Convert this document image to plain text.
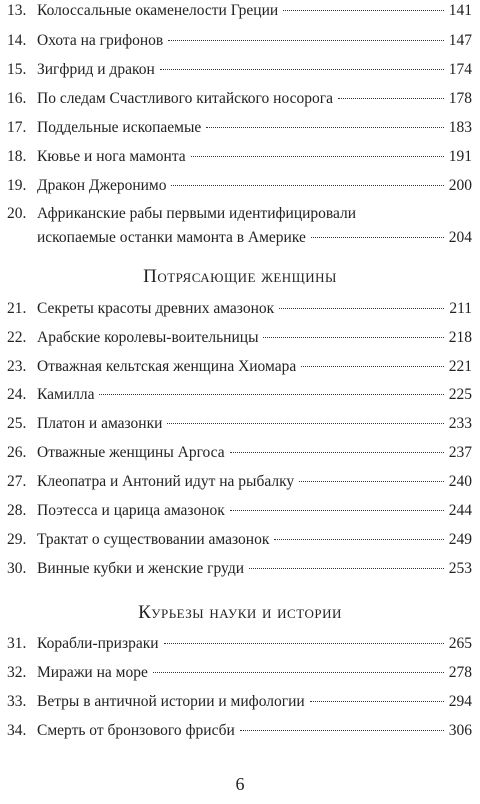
13. Колоссальные окаменелости Греции	141
14. Охота на грифонов	147
15. Зигфрид и дракон	174
16. По следам Счастливого китайского носорога	178
17. Поддельные ископаемые	183
18. Кювье и нога мамонта	191
19. Дракон Джеронимо	200
20. Африканские рабы первыми идентифицировали
ископаемые останки мамонта в Америке	204
Потрясающие женщины
21. Секреты красоты древних амазонок	211
22. Арабские королевы-воительницы	218
23. Отважная кельтская женщина Хиомара	221
24. Камилла	225
25. Платон и амазонки	233
26. Отважные женщины Аргоса	237
27. Клеопатра и Антоний идут на рыбалку	240
28. Поэтесса и царица амазонок	244
29. Трактат о существовании амазонок	249
30. Винные кубки и женские груди	253
Курьезы науки и истории
31. Корабли-призраки	265
32. Миражи на море	278
33. Ветры в античной истории и мифологии	294
34. Смерть от бронзового фрисби	306
6
